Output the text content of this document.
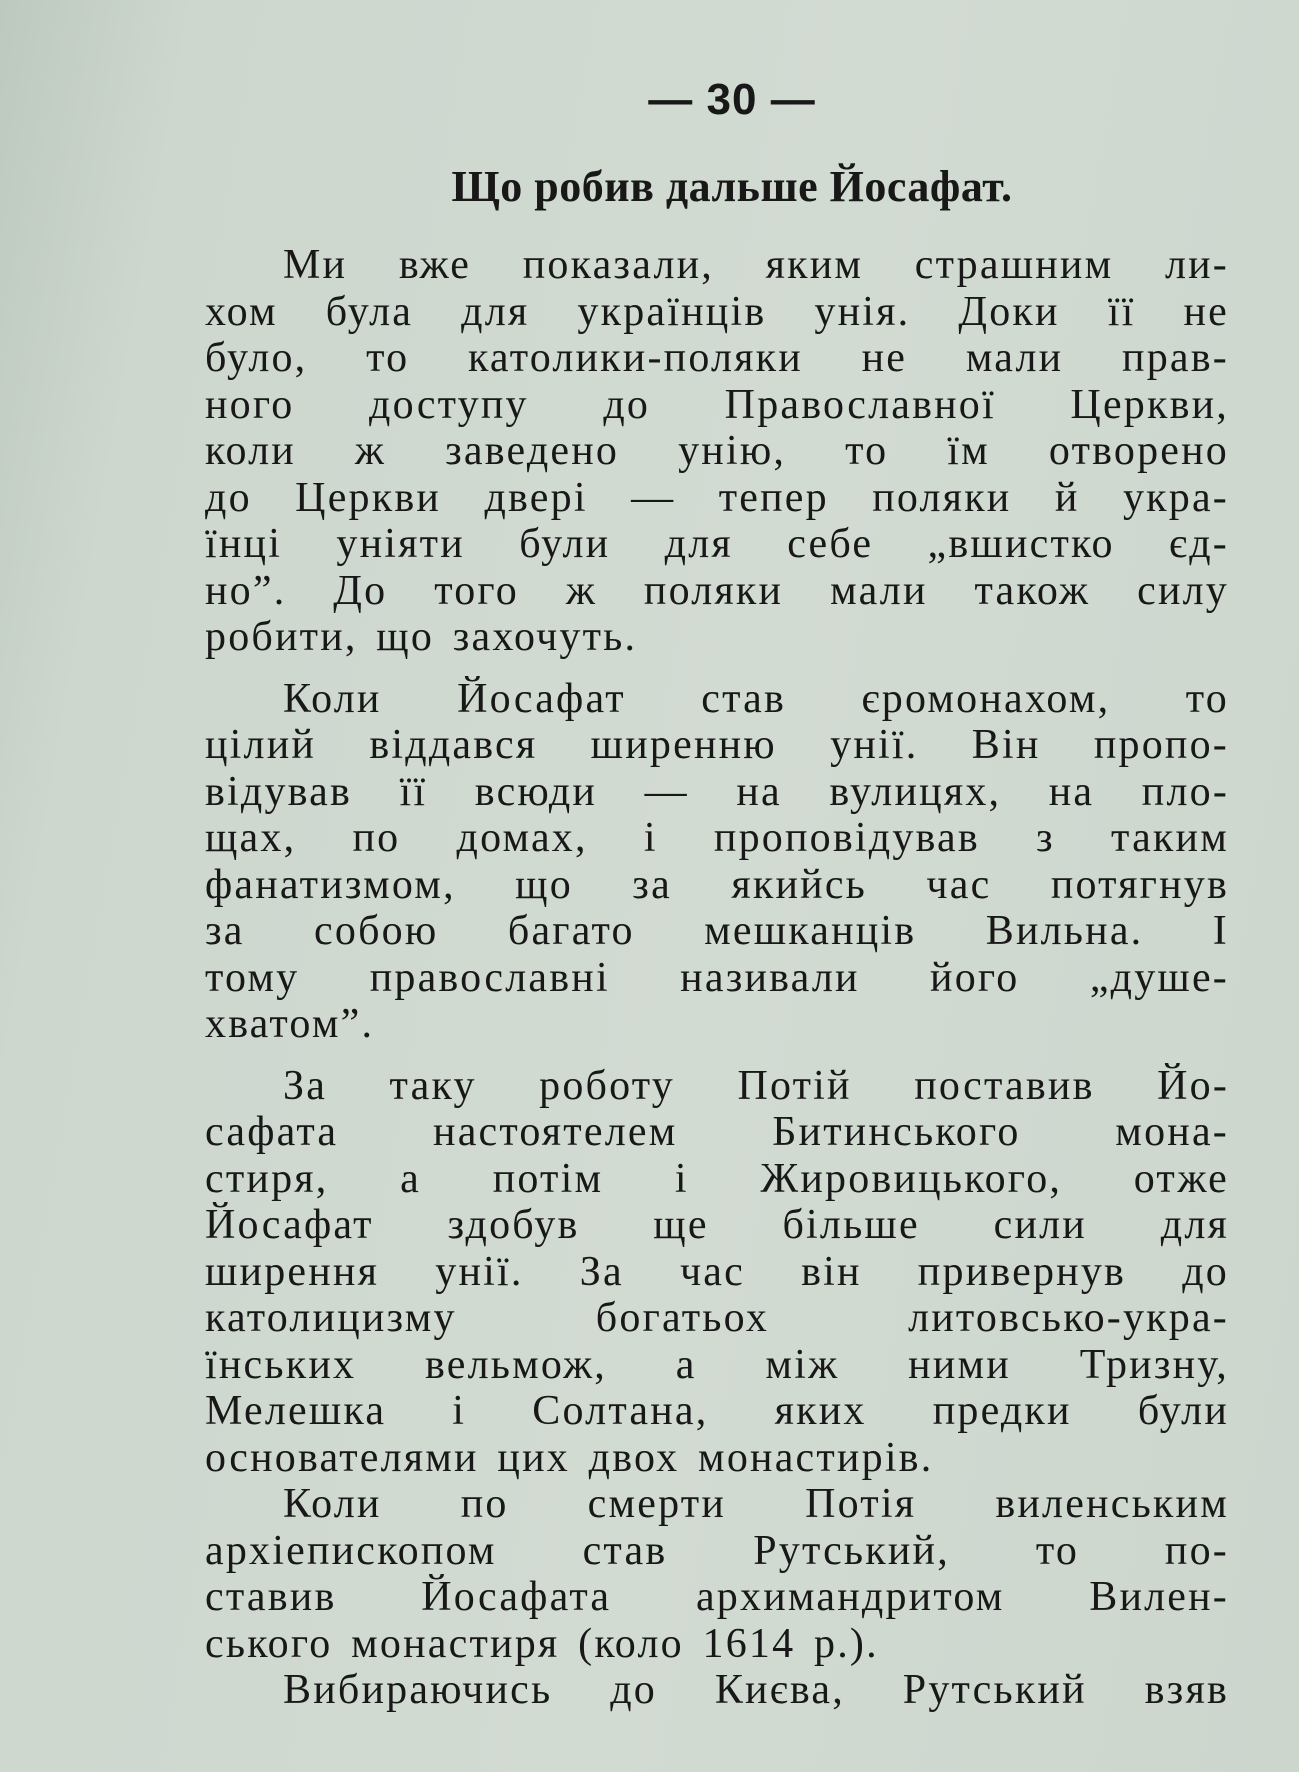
— 30 —
Що робив дальше Йосафат.
Ми вже показали, яким страшним ли-
хом була для українців унія. Доки її не
було, то католики-поляки не мали прав-
ного доступу до Православної Церкви,
коли ж заведено унію, то їм отворено
до Церкви двері — тепер поляки й укра-
їнці уніяти були для себе „вшистко єд-
но”. До того ж поляки мали також силу
робити, що захочуть.
Коли Йосафат став єромонахом, то
цілий віддався ширенню унії. Він пропо-
відував її всюди — на вулицях, на пло-
щах, по домах, і проповідував з таким
фанатизмом, що за якийсь час потягнув
за собою багато мешканців Вильна. І
тому православні називали його „душе-
хватом”.
За таку роботу Потій поставив Йо-
сафата настоятелем Битинського мона-
стиря, а потім і Жировицького, отже
Йосафат здобув ще більше сили для
ширення унії. За час він привернув до
католицизму богатьох литовсько-укра-
їнських вельмож, а між ними Тризну,
Мелешка і Солтана, яких предки були
основателями цих двох монастирів.
Коли по смерти Потія виленським
архіепископом став Рутський, то по-
ставив Йосафата архимандритом Вилен-
ського монастиря (коло 1614 р.).
Вибираючись до Києва, Рутський взяв
